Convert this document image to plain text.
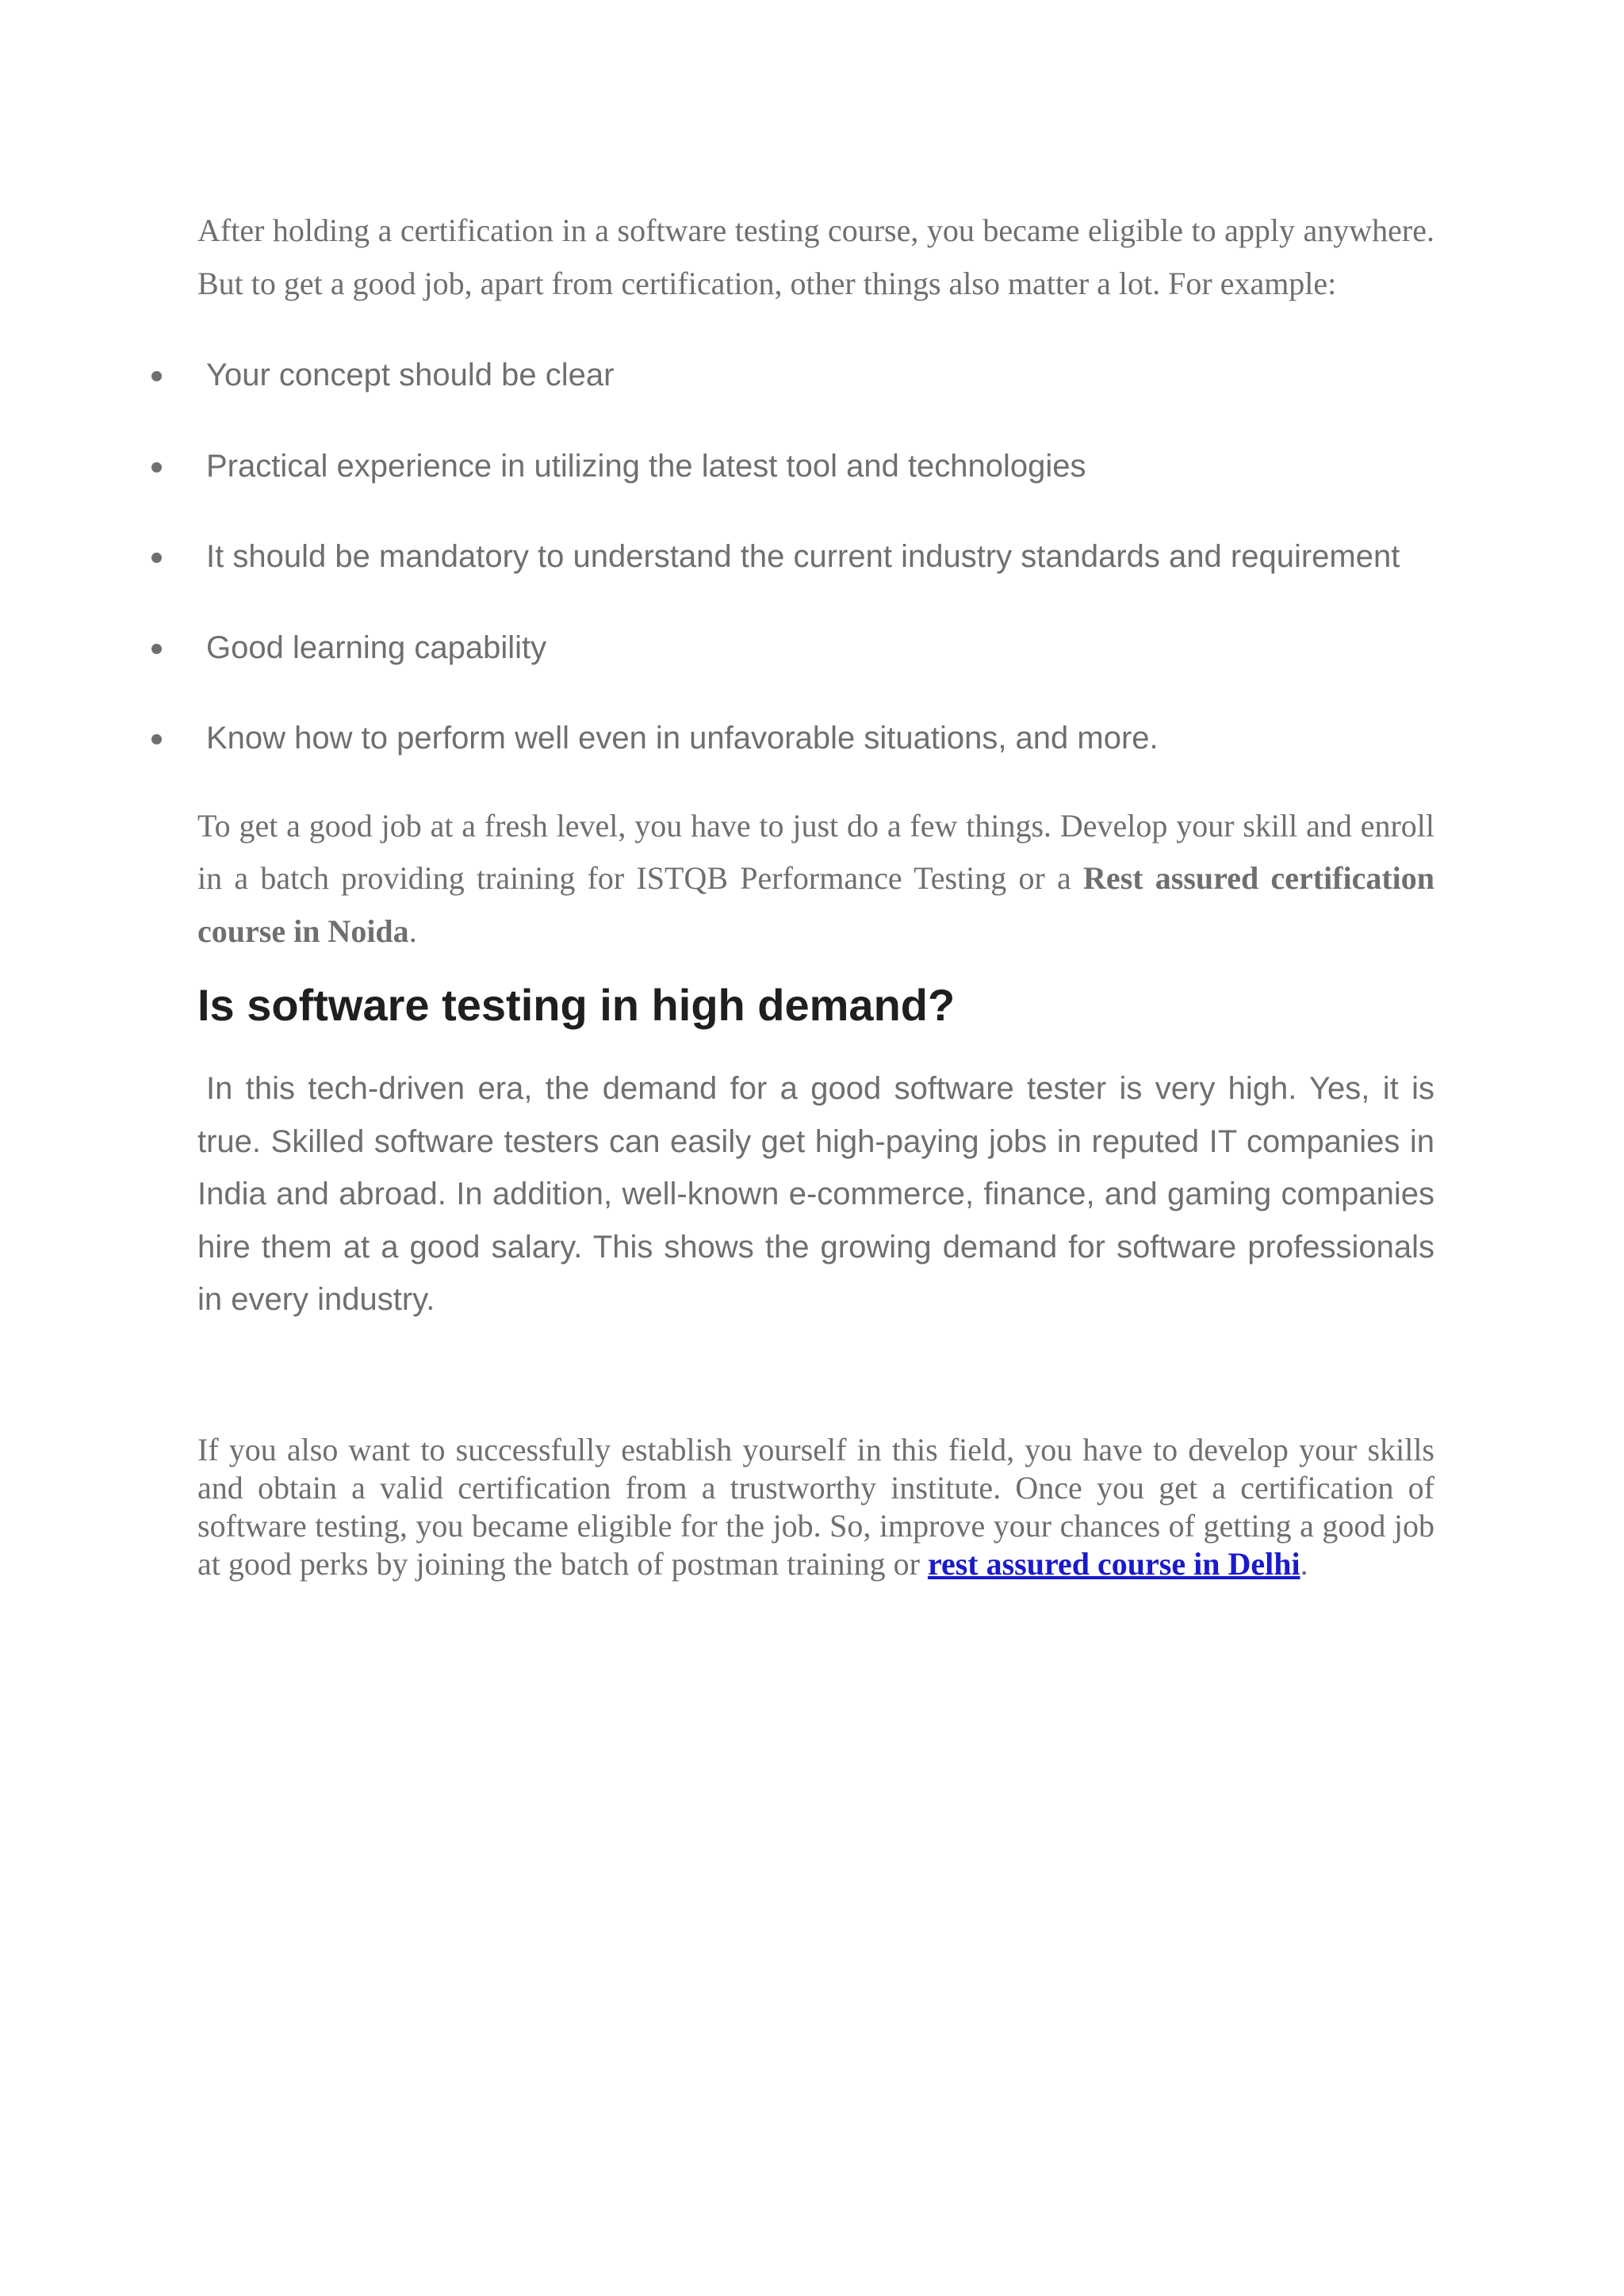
After holding a certification in a software testing course, you became eligible to apply anywhere. But to get a good job, apart from certification, other things also matter a lot. For example:

Your concept should be clear
Practical experience in utilizing the latest tool and technologies
It should be mandatory to understand the current industry standards and requirement
Good learning capability
Know how to perform well even in unfavorable situations, and more.

To get a good job at a fresh level, you have to just do a few things. Develop your skill and enroll in a batch providing training for ISTQB Performance Testing or a Rest assured certification course in Noida.

Is software testing in high demand?

In this tech-driven era, the demand for a good software tester is very high. Yes, it is true. Skilled software testers can easily get high-paying jobs in reputed IT companies in India and abroad. In addition, well-known e-commerce, finance, and gaming companies hire them at a good salary. This shows the growing demand for software professionals in every industry.

If you also want to successfully establish yourself in this field, you have to develop your skills and obtain a valid certification from a trustworthy institute. Once you get a certification of software testing, you became eligible for the job. So, improve your chances of getting a good job at good perks by joining the batch of postman training or rest assured course in Delhi.
